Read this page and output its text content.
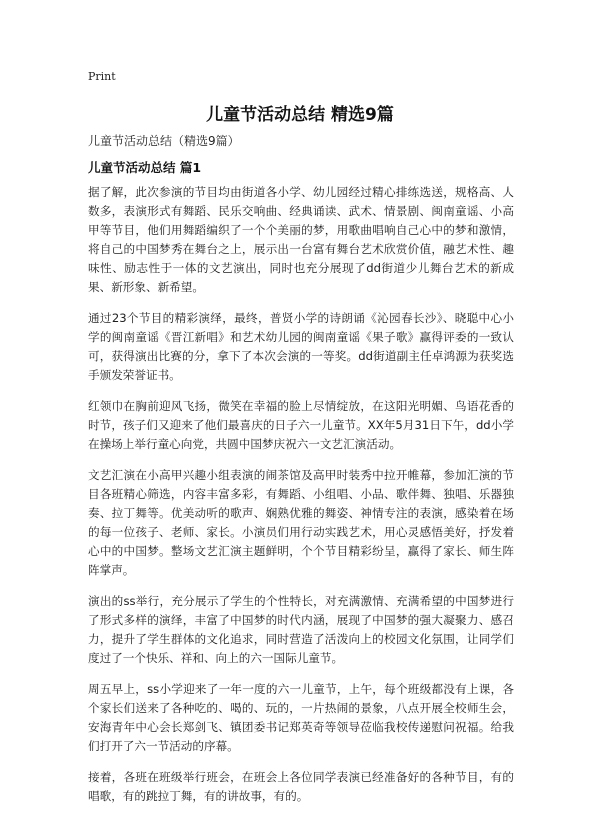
Print
儿童节活动总结 精选9篇
儿童节活动总结（精选9篇）
儿童节活动总结 篇1

据了解，此次参演的节目均由街道各小学、幼儿园经过精心排练选送，规格高、人数多，表演形式有舞蹈、民乐交响曲、经典诵读、武术、情景剧、闽南童谣、小高甲等节目，他们用舞蹈编织了一个个美丽的梦，用歌曲唱响自己心中的梦和激情，将自己的中国梦秀在舞台之上，展示出一台富有舞台艺术欣赏价值，融艺术性、趣味性、励志性于一体的文艺演出，同时也充分展现了dd街道少儿舞台艺术的新成果、新形象、新希望。

通过23个节目的精彩演绎，最终，普贤小学的诗朗诵《沁园春长沙》、晓聪中心小学的闽南童谣《晋江新唱》和艺术幼儿园的闽南童谣《果子歌》赢得评委的一致认可，获得演出比赛的分，拿下了本次会演的一等奖。dd街道副主任卓鸿源为获奖选手颁发荣誉证书。

红领巾在胸前迎风飞扬，微笑在幸福的脸上尽情绽放，在这阳光明媚、鸟语花香的时节，孩子们又迎来了他们最喜庆的日子六一儿童节。XX年5月31日下午，dd小学在操场上举行童心向党，共圆中国梦庆祝六一文艺汇演活动。

文艺汇演在小高甲兴趣小组表演的闹茶馆及高甲时装秀中拉开帷幕，参加汇演的节目各班精心筛选，内容丰富多彩，有舞蹈、小组唱、小品、歌伴舞、独唱、乐器独奏、拉丁舞等。优美动听的歌声、娴熟优雅的舞姿、神情专注的表演，感染着在场的每一位孩子、老师、家长。小演员们用行动实践艺术，用心灵感悟美好，抒发着心中的中国梦。整场文艺汇演主题鲜明，个个节目精彩纷呈，赢得了家长、师生阵阵掌声。

演出的ss举行，充分展示了学生的个性特长，对充满激情、充满希望的中国梦进行了形式多样的演绎，丰富了中国梦的时代内涵，展现了中国梦的强大凝聚力、感召力，提升了学生群体的文化追求，同时营造了活泼向上的校园文化氛围，让同学们度过了一个快乐、祥和、向上的六一国际儿童节。

周五早上，ss小学迎来了一年一度的六一儿童节，上午，每个班级都没有上课，各个家长们送来了各种吃的、喝的、玩的，一片热闹的景象，八点开展全校师生会，安海青年中心会长郑剑飞、镇团委书记郑英奇等领导莅临我校传递慰问祝福。给我们打开了六一节活动的序幕。

接着，各班在班级举行班会，在班会上各位同学表演已经准备好的各种节目，有的唱歌，有的跳拉丁舞，有的讲故事，有的。
